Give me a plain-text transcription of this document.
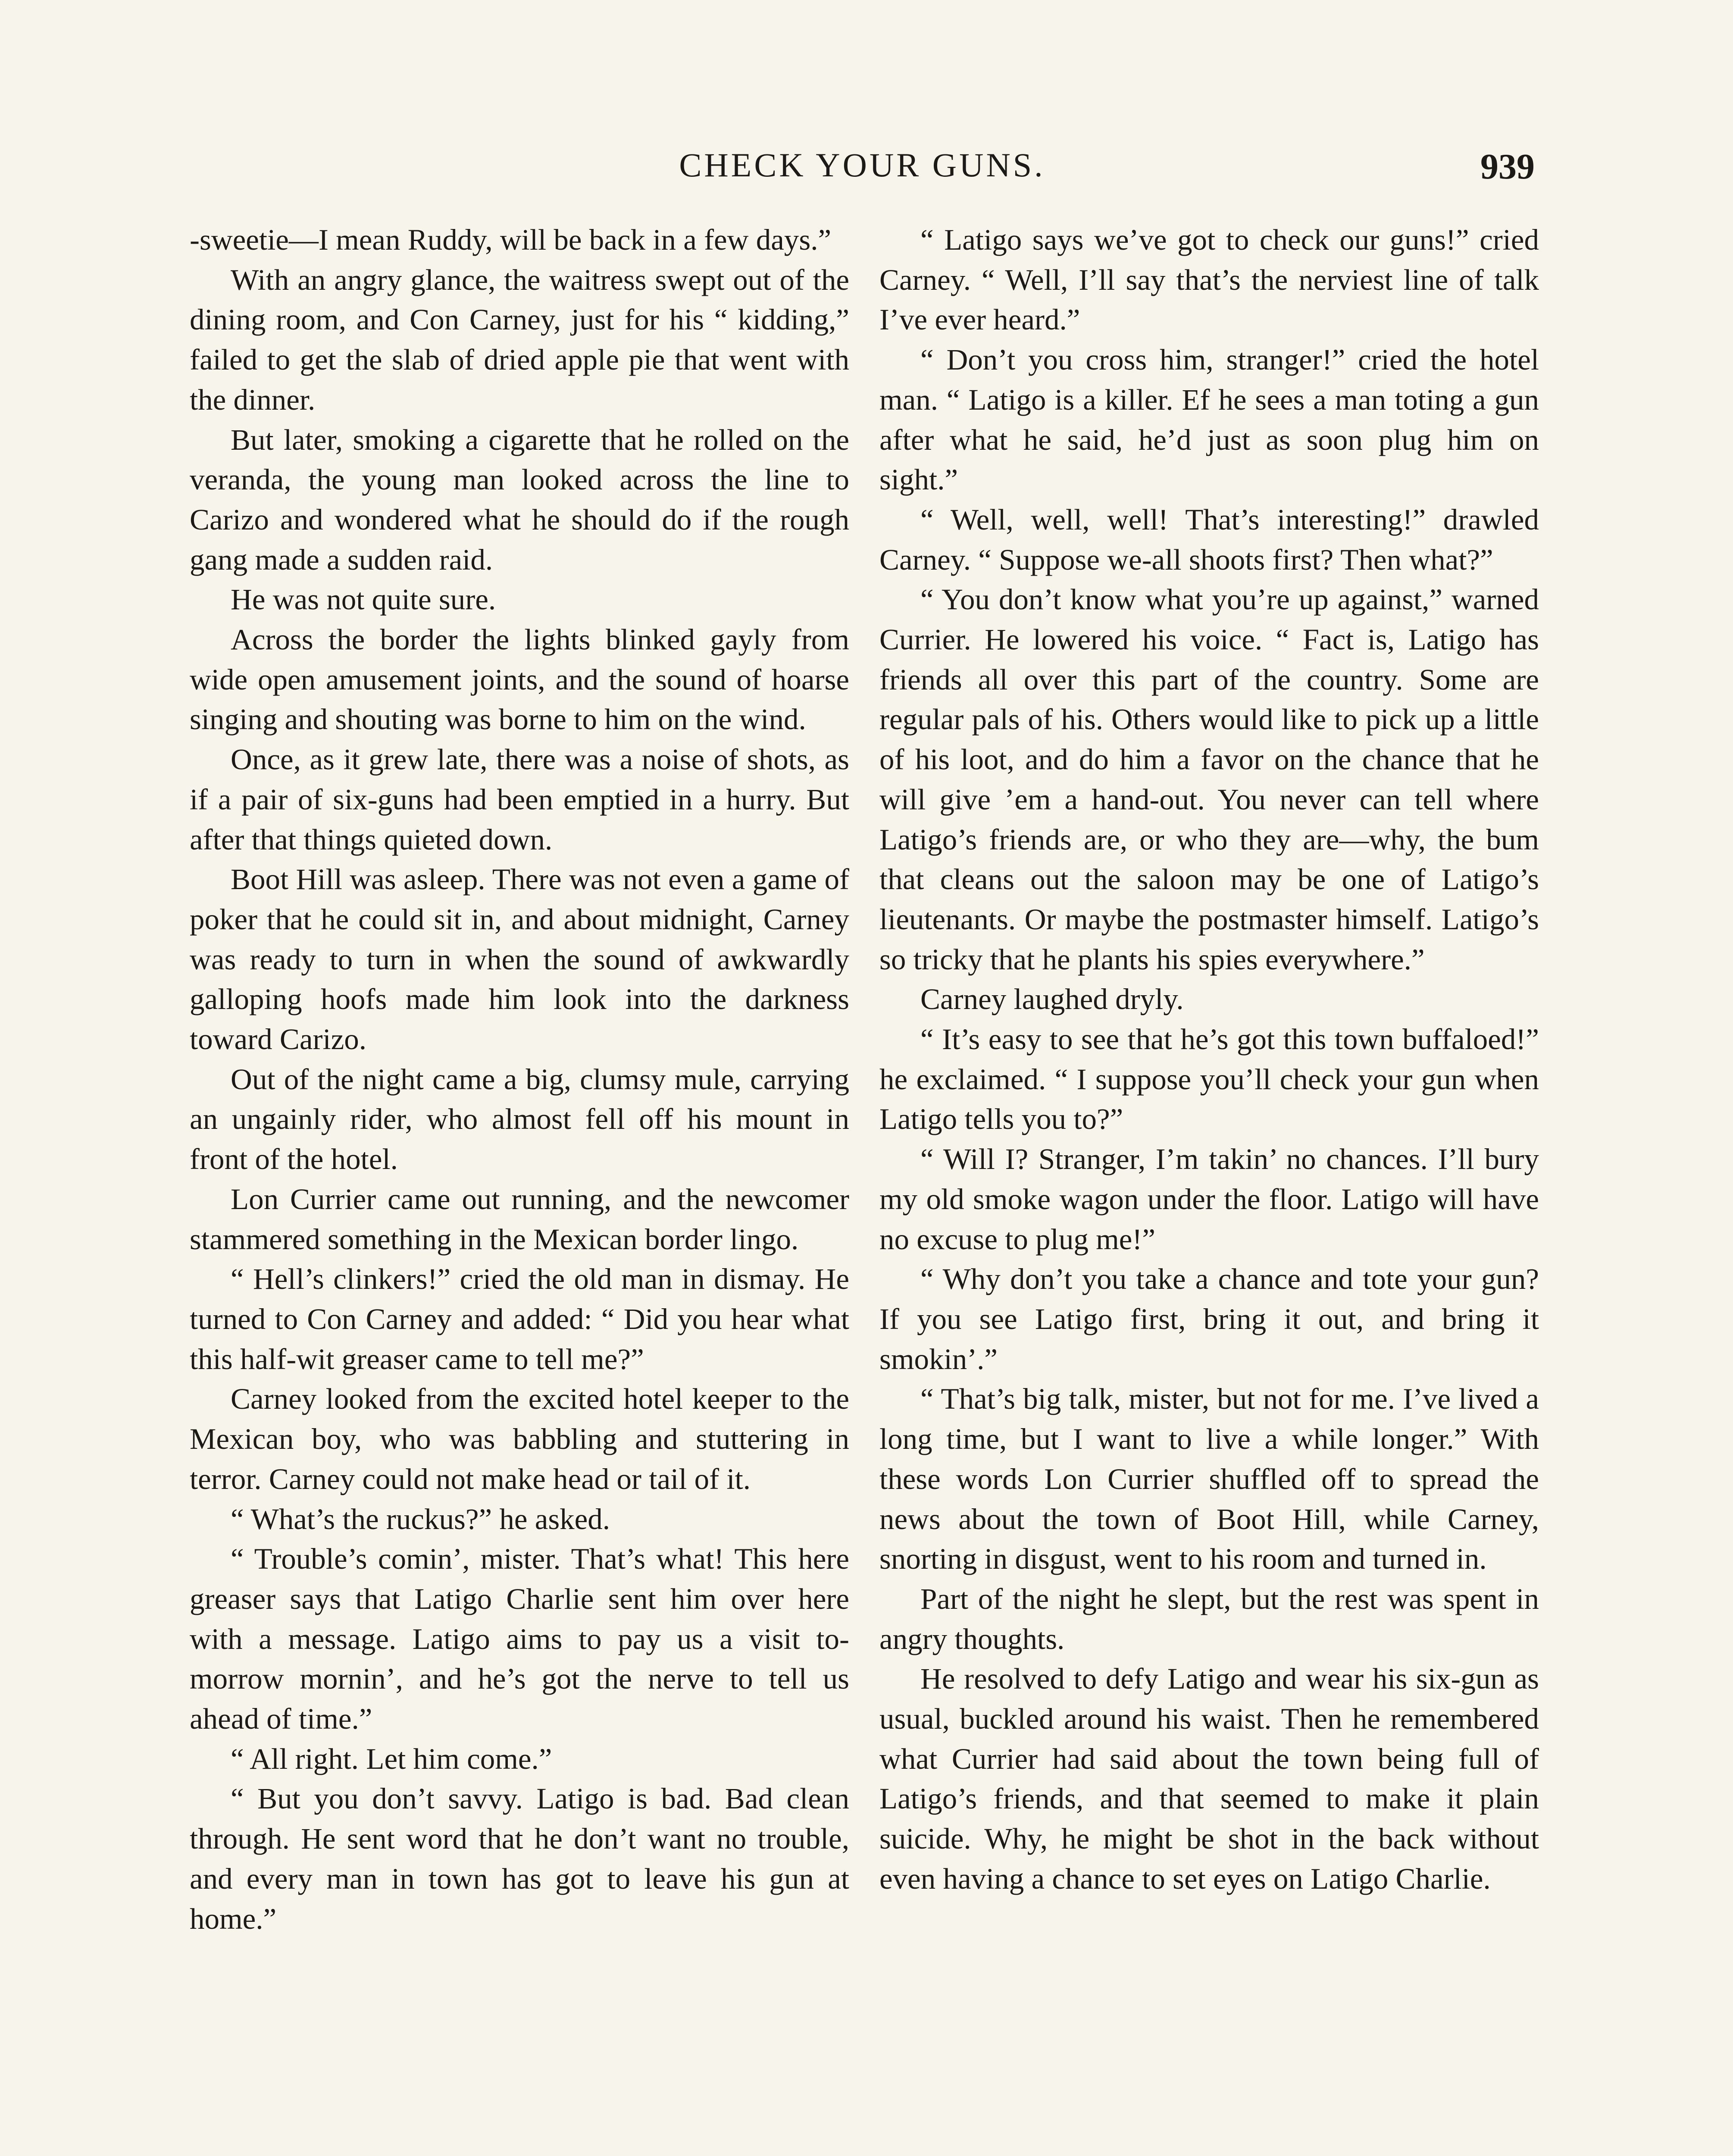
CHECK YOUR GUNS.	939

-sweetie—I mean Ruddy, will be back in a few days.”

With an angry glance, the waitress swept out of the dining room, and Con Carney, just for his “ kidding,” failed to get the slab of dried apple pie that went with the dinner.

But later, smoking a cigarette that he rolled on the veranda, the young man looked across the line to Carizo and wondered what he should do if the rough gang made a sudden raid.

He was not quite sure.

Across the border the lights blinked gayly from wide open amusement joints, and the sound of hoarse singing and shouting was borne to him on the wind.

Once, as it grew late, there was a noise of shots, as if a pair of six-guns had been emptied in a hurry. But after that things quieted down.

Boot Hill was asleep. There was not even a game of poker that he could sit in, and about midnight, Carney was ready to turn in when the sound of awkwardly galloping hoofs made him look into the darkness toward Carizo.

Out of the night came a big, clumsy mule, carrying an ungainly rider, who almost fell off his mount in front of the hotel.

Lon Currier came out running, and the newcomer stammered something in the Mexican border lingo.

“ Hell’s clinkers!” cried the old man in dismay. He turned to Con Carney and added: “ Did you hear what this half-wit greaser came to tell me?”

Carney looked from the excited hotel keeper to the Mexican boy, who was babbling and stuttering in terror. Carney could not make head or tail of it.

“ What’s the ruckus?” he asked.

“ Trouble’s comin’, mister. That’s what! This here greaser says that Latigo Charlie sent him over here with a message. Latigo aims to pay us a visit to-morrow mornin’, and he’s got the nerve to tell us ahead of time.”

“ All right. Let him come.”

“ But you don’t savvy. Latigo is bad. Bad clean through. He sent word that he don’t want no trouble, and every man in town has got to leave his gun at home.”

“ Latigo says we’ve got to check our guns!” cried Carney. “ Well, I’ll say that’s the nerviest line of talk I’ve ever heard.”

“ Don’t you cross him, stranger!” cried the hotel man. “ Latigo is a killer. Ef he sees a man toting a gun after what he said, he’d just as soon plug him on sight.”

“ Well, well, well! That’s interesting!” drawled Carney. “ Suppose we-all shoots first? Then what?”

“ You don’t know what you’re up against,” warned Currier. He lowered his voice. “ Fact is, Latigo has friends all over this part of the country. Some are regular pals of his. Others would like to pick up a little of his loot, and do him a favor on the chance that he will give ’em a hand-out. You never can tell where Latigo’s friends are, or who they are—why, the bum that cleans out the saloon may be one of Latigo’s lieutenants. Or maybe the postmaster himself. Latigo’s so tricky that he plants his spies everywhere.”

Carney laughed dryly.

“ It’s easy to see that he’s got this town buffaloed!” he exclaimed. “ I suppose you’ll check your gun when Latigo tells you to?”

“ Will I? Stranger, I’m takin’ no chances. I’ll bury my old smoke wagon under the floor. Latigo will have no excuse to plug me!”

“ Why don’t you take a chance and tote your gun? If you see Latigo first, bring it out, and bring it smokin’.”

“ That’s big talk, mister, but not for me. I’ve lived a long time, but I want to live a while longer.” With these words Lon Currier shuffled off to spread the news about the town of Boot Hill, while Carney, snorting in disgust, went to his room and turned in.

Part of the night he slept, but the rest was spent in angry thoughts.

He resolved to defy Latigo and wear his six-gun as usual, buckled around his waist. Then he remembered what Currier had said about the town being full of Latigo’s friends, and that seemed to make it plain suicide. Why, he might be shot in the back without even having a chance to set eyes on Latigo Charlie.
